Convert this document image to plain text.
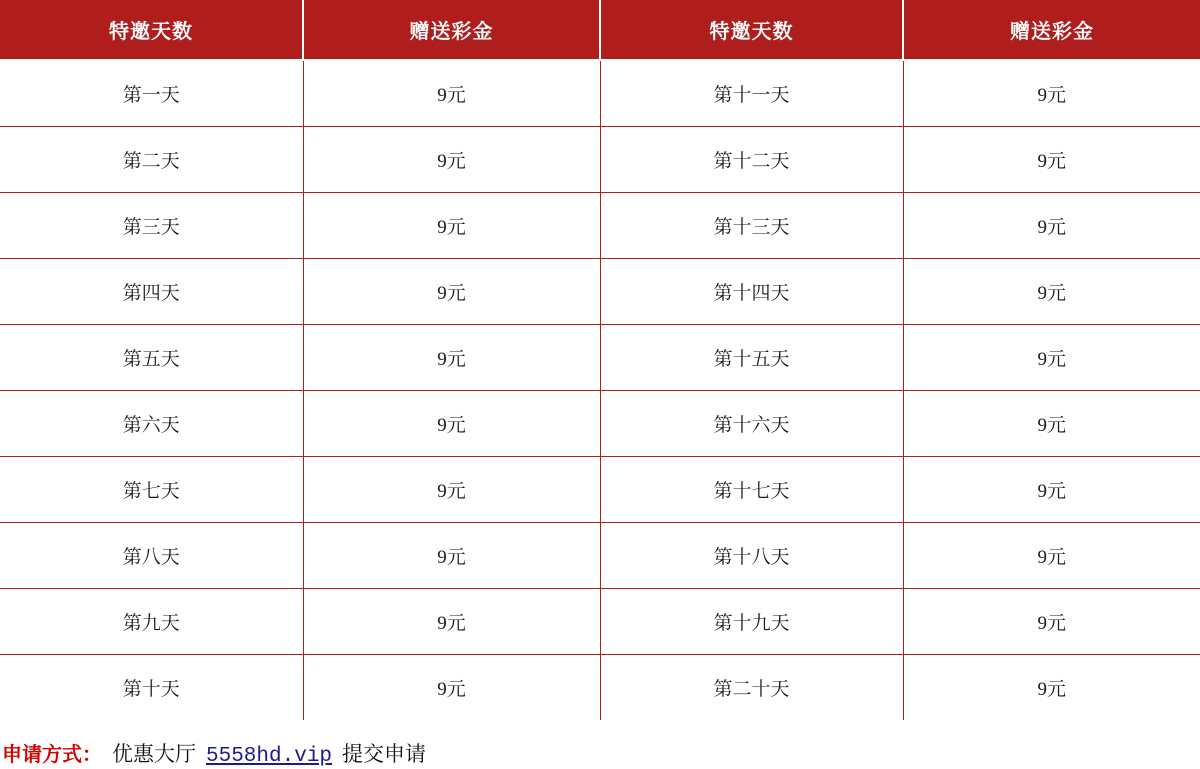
特邀天数	赠送彩金	特邀天数	赠送彩金
第一天	9元	第十一天	9元
第二天	9元	第十二天	9元
第三天	9元	第十三天	9元
第四天	9元	第十四天	9元
第五天	9元	第十五天	9元
第六天	9元	第十六天	9元
第七天	9元	第十七天	9元
第八天	9元	第十八天	9元
第九天	9元	第十九天	9元
第十天	9元	第二十天	9元
申请方式： 优惠大厅 5558hd.vip 提交申请
